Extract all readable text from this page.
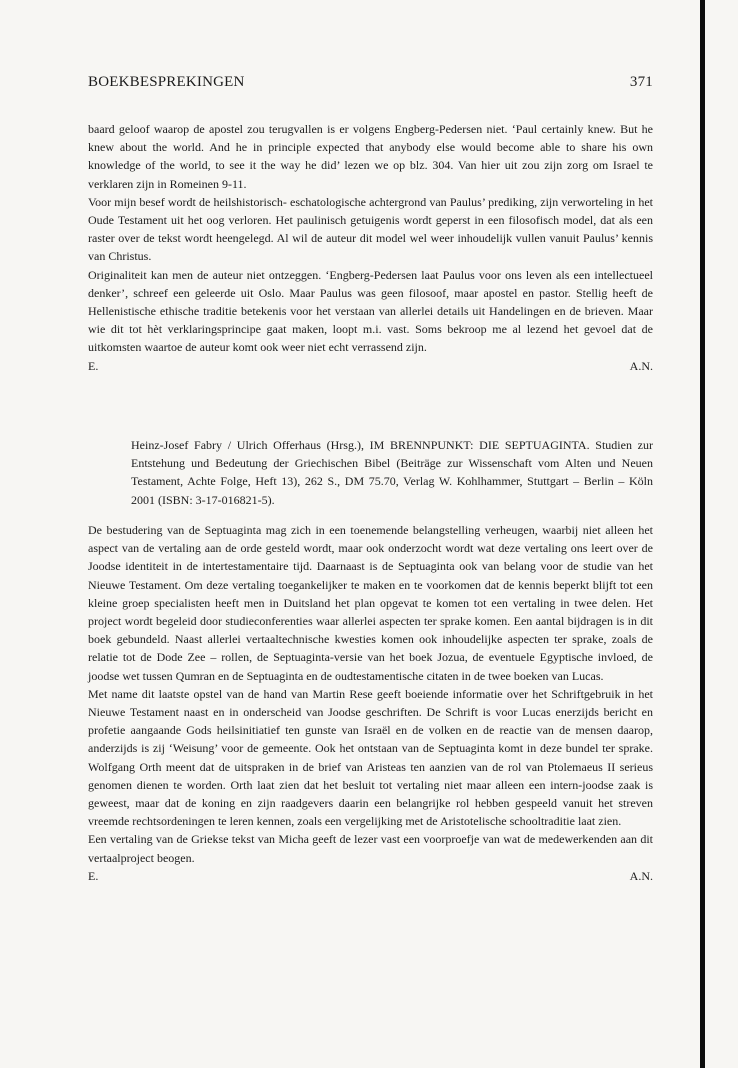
BOEKBESPREKINGEN	371

baard geloof waarop de apostel zou terugvallen is er volgens Engberg-Pedersen niet. ‘Paul certainly knew. But he knew about the world. And he in principle expected that anybody else would become able to share his own knowledge of the world, to see it the way he did’ lezen we op blz. 304. Van hier uit zou zijn zorg om Israel te verklaren zijn in Romeinen 9-11.

Voor mijn besef wordt de heilshistorisch- eschatologische achtergrond van Paulus’ prediking, zijn verworteling in het Oude Testament uit het oog verloren. Het paulinisch getuigenis wordt geperst in een filosofisch model, dat als een raster over de tekst wordt heengelegd. Al wil de auteur dit model wel weer inhoudelijk vullen vanuit Paulus’ kennis van Christus.

Originaliteit kan men de auteur niet ontzeggen. ‘Engberg-Pedersen laat Paulus voor ons leven als een intellectueel denker’, schreef een geleerde uit Oslo. Maar Paulus was geen filosoof, maar apostel en pastor. Stellig heeft de Hellenistische ethische traditie betekenis voor het verstaan van allerlei details uit Handelingen en de brieven. Maar wie dit tot hèt verklaringsprincipe gaat maken, loopt m.i. vast. Soms bekroop me al lezend het gevoel dat de uitkomsten waartoe de auteur komt ook weer niet echt verrassend zijn.

E.	A.N.

Heinz-Josef Fabry / Ulrich Offerhaus (Hrsg.), IM BRENNPUNKT: DIE SEPTUAGINTA. Studien zur Entstehung und Bedeutung der Griechischen Bibel (Beiträge zur Wissenschaft vom Alten und Neuen Testament, Achte Folge, Heft 13), 262 S., DM 75.70, Verlag W. Kohlhammer, Stuttgart – Berlin – Köln 2001 (ISBN: 3-17-016821-5).

De bestudering van de Septuaginta mag zich in een toenemende belangstelling verheugen, waarbij niet alleen het aspect van de vertaling aan de orde gesteld wordt, maar ook onderzocht wordt wat deze vertaling ons leert over de Joodse identiteit in de intertestamentaire tijd. Daarnaast is de Septuaginta ook van belang voor de studie van het Nieuwe Testament. Om deze vertaling toegankelijker te maken en te voorkomen dat de kennis beperkt blijft tot een kleine groep specialisten heeft men in Duitsland het plan opgevat te komen tot een vertaling in twee delen. Het project wordt begeleid door studieconferenties waar allerlei aspecten ter sprake komen. Een aantal bijdragen is in dit boek gebundeld. Naast allerlei vertaaltechnische kwesties komen ook inhoudelijke aspecten ter sprake, zoals de relatie tot de Dode Zee – rollen, de Septuaginta-versie van het boek Jozua, de eventuele Egyptische invloed, de joodse wet tussen Qumran en de Septuaginta en de oudtestamentische citaten in de twee boeken van Lucas.

Met name dit laatste opstel van de hand van Martin Rese geeft boeiende informatie over het Schriftgebruik in het Nieuwe Testament naast en in onderscheid van Joodse geschriften. De Schrift is voor Lucas enerzijds bericht en profetie aangaande Gods heilsinitiatief ten gunste van Israël en de volken en de reactie van de mensen daarop, anderzijds is zij ‘Weisung’ voor de gemeente. Ook het ontstaan van de Septuaginta komt in deze bundel ter sprake. Wolfgang Orth meent dat de uitspraken in de brief van Aristeas ten aanzien van de rol van Ptolemaeus II serieus genomen dienen te worden. Orth laat zien dat het besluit tot vertaling niet maar alleen een intern-joodse zaak is geweest, maar dat de koning en zijn raadgevers daarin een belangrijke rol hebben gespeeld vanuit het streven vreemde rechtsordeningen te leren kennen, zoals een vergelijking met de Aristotelische schooltraditie laat zien.

Een vertaling van de Griekse tekst van Micha geeft de lezer vast een voorproefje van wat de medewerkenden aan dit vertaalproject beogen.

E.	A.N.
